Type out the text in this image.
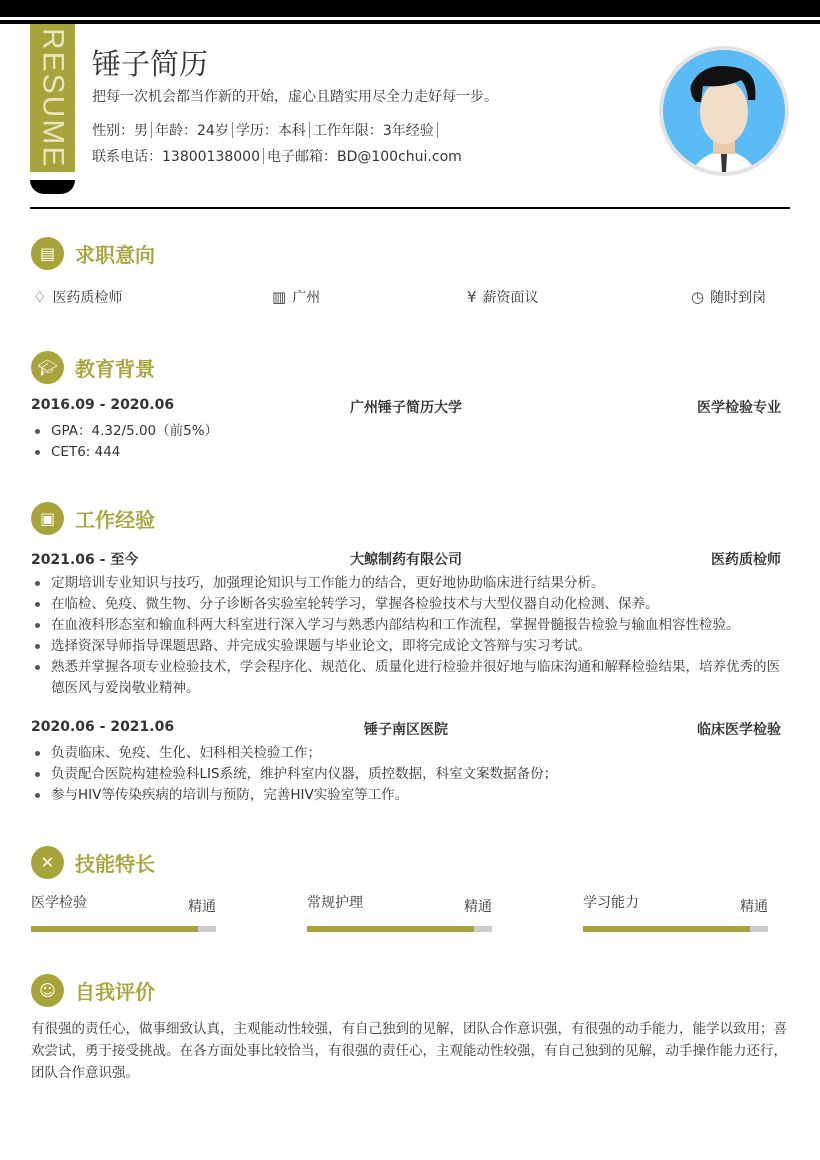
RESUME 锤子简历
把每一次机会都当作新的开始，虚心且踏实用尽全力走好每一步。
性别：男 年龄：24岁 学历：本科 工作年限：3年经验
联系电话：13800138000 电子邮箱：BD@100chui.com
▤ 求职意向
♢ 医药质检师	▥ 广州	¥ 薪资面议	◷ 随时到岗
🎓︎ 教育背景
2016.09 - 2020.06	广州锤子简历大学	医学检验专业
GPA：4.32/5.00（前5%）
CET6: 444
▣ 工作经验
2021.06 - 至今	大鲸制药有限公司	医药质检师
定期培训专业知识与技巧，加强理论知识与工作能力的结合，更好地协助临床进行结果分析。
在临检、免疫、微生物、分子诊断各实验室轮转学习，掌握各检验技术与大型仪器自动化检测、保养。
在血液科形态室和输血科两大科室进行深入学习与熟悉内部结构和工作流程，掌握骨髓报告检验与输血相容性检验。
选择资深导师指导课题思路、并完成实验课题与毕业论文，即将完成论文答辩与实习考试。
熟悉并掌握各项专业检验技术，学会程序化、规范化、质量化进行检验并很好地与临床沟通和解释检验结果，培养优秀的医德医风与爱岗敬业精神。
2020.06 - 2021.06	锤子南区医院	临床医学检验
负责临床、免疫、生化、妇科相关检验工作；
负责配合医院构建检验科LIS系统，维护科室内仪器，质控数据，科室文案数据备份；
参与HIV等传染疾病的培训与预防，完善HIV实验室等工作。
✕	技能特长
医学检验	精通	常规护理	精通	学习能力	精通
☺ 自我评价
有很强的责任心，做事细致认真，主观能动性较强，有自己独到的见解，团队合作意识强，有很强的动手能力，能学以致用；喜欢尝试，勇于接受挑战。在各方面处事比较恰当，有很强的责任心，主观能动性较强，有自己独到的见解，动手操作能力还行，团队合作意识强。
